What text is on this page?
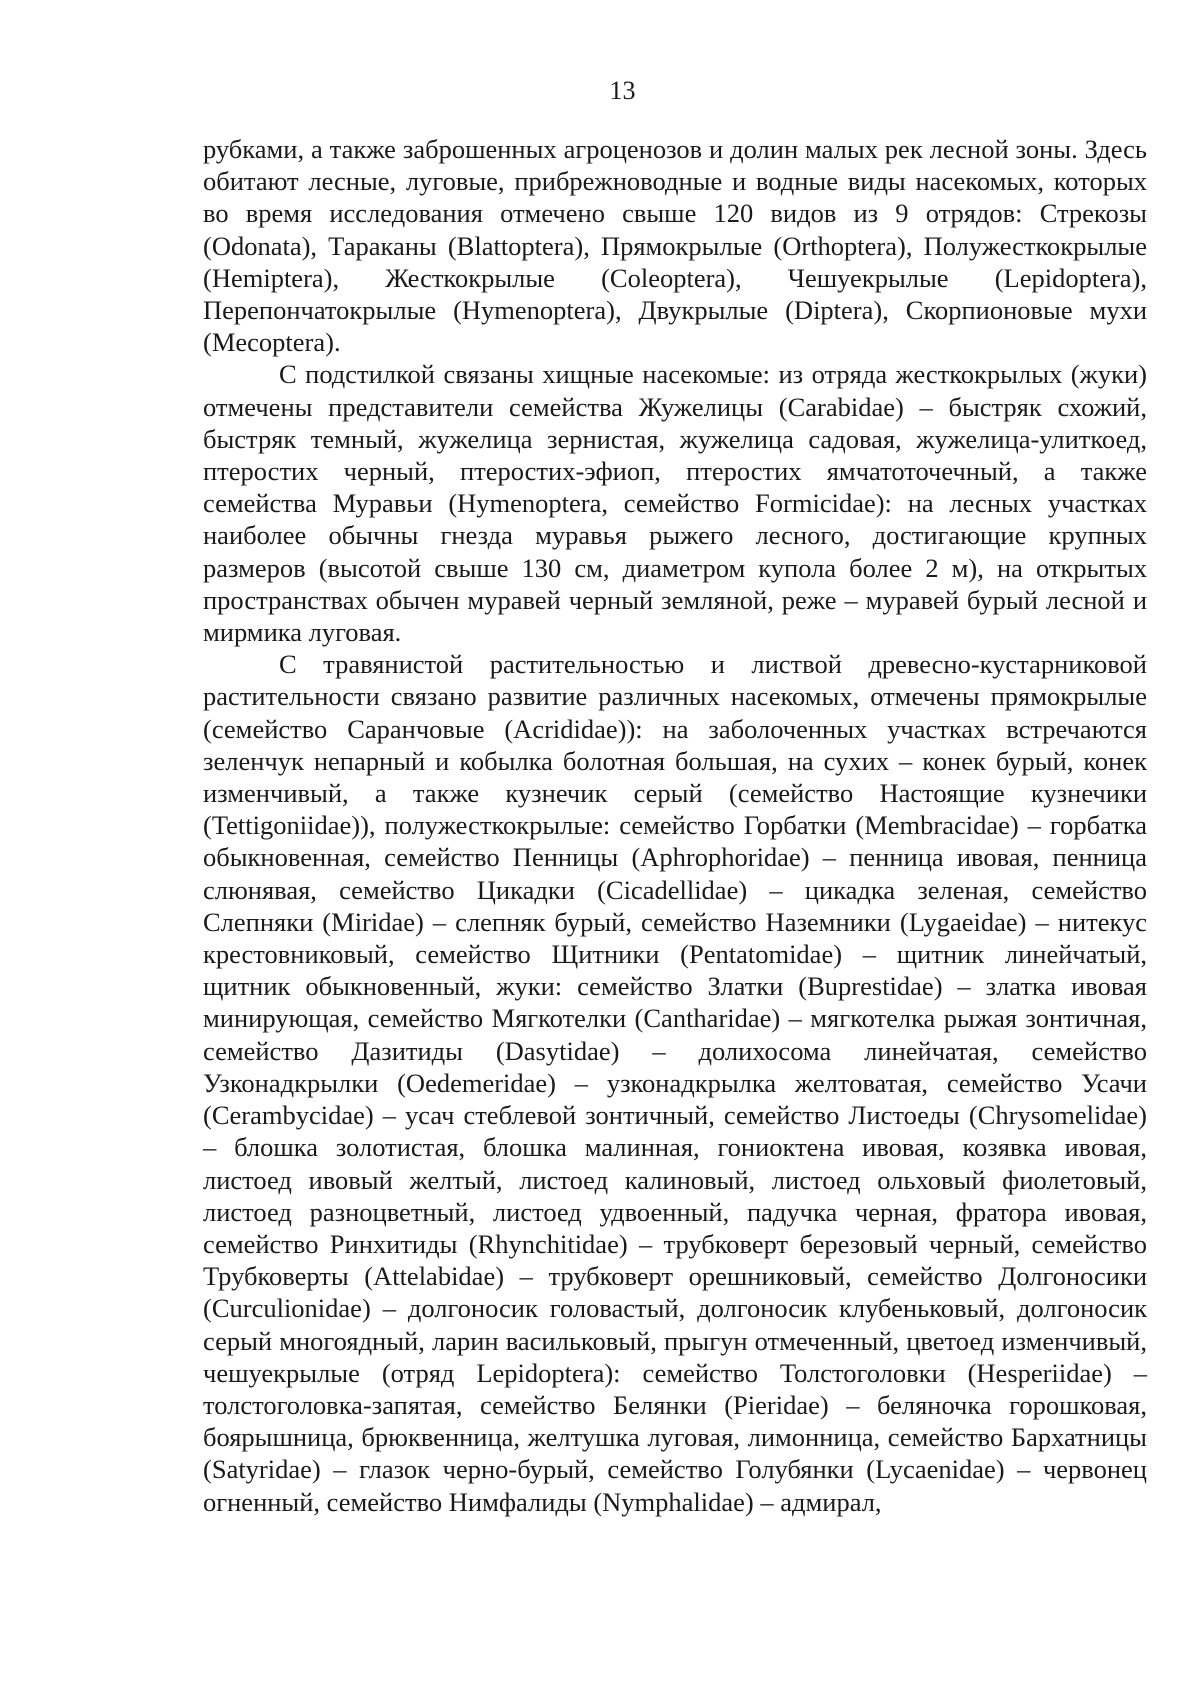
13

рубками, а также заброшенных агроценозов и долин малых рек лесной зоны. Здесь обитают лесные, луговые, прибрежноводные и водные виды насекомых, которых во время исследования отмечено свыше 120 видов из 9 отрядов: Стрекозы (Odonata), Тараканы (Blattoptera), Прямокрылые (Orthoptera), Полужесткокрылые (Hemiptera), Жесткокрылые (Coleoptera), Чешуекрылые (Lepidoptera), Перепончатокрылые (Hymenoptera), Двукрылые (Diptera), Скорпионовые мухи (Mecoptera).

С подстилкой связаны хищные насекомые: из отряда жесткокрылых (жуки) отмечены представители семейства Жужелицы (Carabidae) – быстряк схожий, быстряк темный, жужелица зернистая, жужелица садовая, жужелица-улиткоед, птеростих черный, птеростих-эфиоп, птеростих ямчатоточечный, а также семейства Муравьи (Hymenoptera, семейство Formicidae): на лесных участках наиболее обычны гнезда муравья рыжего лесного, достигающие крупных размеров (высотой свыше 130 см, диаметром купола более 2 м), на открытых пространствах обычен муравей черный земляной, реже – муравей бурый лесной и мирмика луговая.

С травянистой растительностью и листвой древесно-кустарниковой растительности связано развитие различных насекомых, отмечены прямокрылые (семейство Саранчовые (Acrididae)): на заболоченных участках встречаются зеленчук непарный и кобылка болотная большая, на сухих – конек бурый, конек изменчивый, а также кузнечик серый (семейство Настоящие кузнечики (Tettigoniidae)), полужесткокрылые: семейство Горбатки (Membracidae) – горбатка обыкновенная, семейство Пенницы (Aphrophoridae) – пенница ивовая, пенница слюнявая, семейство Цикадки (Cicadellidae) – цикадка зеленая, семейство Слепняки (Miridae) – слепняк бурый, семейство Наземники (Lygaeidae) – нитекус крестовниковый, семейство Щитники (Pentatomidae) – щитник линейчатый, щитник обыкновенный, жуки: семейство Златки (Buprestidae) – златка ивовая минирующая, семейство Мягкотелки (Cantharidae) – мягкотелка рыжая зонтичная, семейство Дазитиды (Dasytidae) – долихосома линейчатая, семейство Узконадкрылки (Oedemeridae) – узконадкрылка желтоватая, семейство Усачи (Cerambycidae) – усач стеблевой зонтичный, семейство Листоеды (Chrysomelidae) – блошка золотистая, блошка малинная, гониоктена ивовая, козявка ивовая, листоед ивовый желтый, листоед калиновый, листоед ольховый фиолетовый, листоед разноцветный, листоед удвоенный, падучка черная, фратора ивовая, семейство Ринхитиды (Rhynchitidae) – трубковерт березовый черный, семейство Трубковерты (Attelabidae) – трубковерт орешниковый, семейство Долгоносики (Curculionidae) – долгоносик головастый, долгоносик клубеньковый, долгоносик серый многоядный, ларин васильковый, прыгун отмеченный, цветоед изменчивый, чешуекрылые (отряд Lepidoptera): семейство Толстоголовки (Hesperiidae) – толстоголовка-запятая, семейство Белянки (Pieridae) – беляночка горошковая, боярышница, брюквенница, желтушка луговая, лимонница, семейство Бархатницы (Satyridae) – глазок черно-бурый, семейство Голубянки (Lycaenidae) – червонец огненный, семейство Нимфалиды (Nymphalidae) – адмирал,
